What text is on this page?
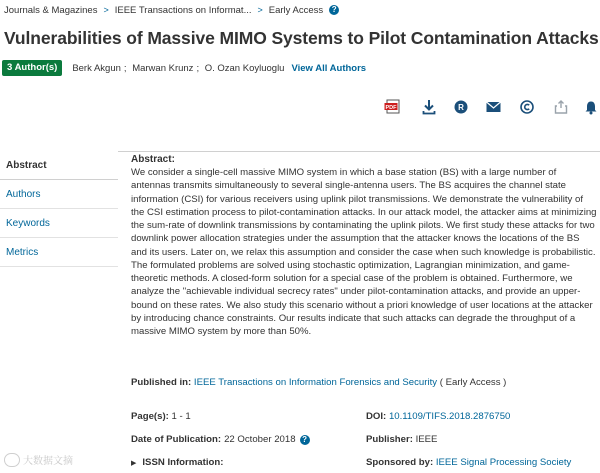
Journals & Magazines > IEEE Transactions on Informat... > Early Access	?
Vulnerabilities of Massive MIMO Systems to Pilot Contamination Attacks
3 Author(s)	Berk Akgun ; Marwan Krunz ; O. Ozan Koyluoglu View All Authors
PDF	R
Abstract
Authors
Keywords
Metrics
Abstract:
We consider a single-cell massive MIMO system in which a base station (BS) with a large number of antennas transmits simultaneously to several single-antenna users. The BS acquires the channel state information (CSI) for various receivers using uplink pilot transmissions. We demonstrate the vulnerability of the CSI estimation process to pilot-contamination attacks. In our attack model, the attacker aims at minimizing the sum-rate of downlink transmissions by contaminating the uplink pilots. We first study these attacks for two downlink power allocation strategies under the assumption that the attacker knows the locations of the BS and its users. Later on, we relax this assumption and consider the case when such knowledge is probabilistic. The formulated problems are solved using stochastic optimization, Lagrangian minimization, and game-theoretic methods. A closed-form solution for a special case of the problem is obtained. Furthermore, we analyze the "achievable individual secrecy rates" under pilot-contamination attacks, and provide an upper-bound on these rates. We also study this scenario without a priori knowledge of user locations at the attacker by introducing chance constraints. Our results indicate that such attacks can degrade the throughput of a massive MIMO system by more than 50%.
Published in: IEEE Transactions on Information Forensics and Security ( Early Access )
Page(s): 1 - 1	DOI: 10.1109/TIFS.2018.2876750
Date of Publication: 22 October 2018 ?	Publisher: IEEE
▶ ISSN Information:	Sponsored by: IEEE Signal Processing Society
大数据文摘
